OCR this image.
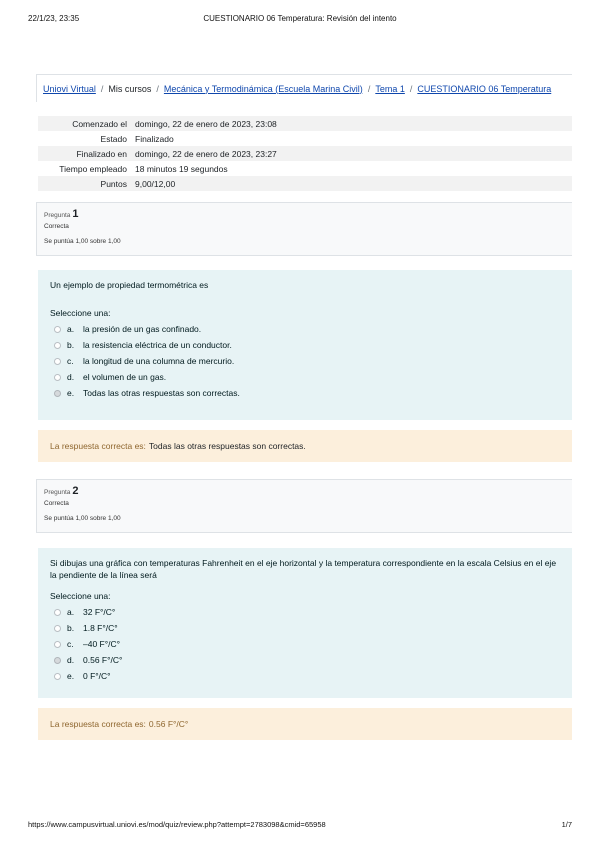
22/1/23, 23:35	CUESTIONARIO 06 Temperatura: Revisión del intento
Uniovi Virtual / Mis cursos / Mecánica y Termodinámica (Escuela Marina Civil) / Tema 1 / CUESTIONARIO 06 Temperatura
Comenzado el	domingo, 22 de enero de 2023, 23:08
Estado	Finalizado
Finalizado en	domingo, 22 de enero de 2023, 23:27
Tiempo empleado	18 minutos 19 segundos
Puntos	9,00/12,00
Pregunta 1
Correcta
Se puntúa 1,00 sobre 1,00
Un ejemplo de propiedad termométrica es
Seleccione una:
a.	la presión de un gas confinado.
b.	la resistencia eléctrica de un conductor.
c.	la longitud de una columna de mercurio.
d.	el volumen de un gas.
e.	Todas las otras respuestas son correctas.
La respuesta correcta es: Todas las otras respuestas son correctas.
Pregunta 2
Correcta
Se puntúa 1,00 sobre 1,00
Si dibujas una gráfica con temperaturas Fahrenheit en el eje horizontal y la temperatura correspondiente en la escala Celsius en el eje la pendiente de la línea será
Seleccione una:
a.	32 F°/C°
b.	1.8 F°/C°
c.	–40 F°/C°
d.	0.56 F°/C°
e.	0 F°/C°
La respuesta correcta es: 0.56 F°/C°
https://www.campusvirtual.uniovi.es/mod/quiz/review.php?attempt=2783098&cmid=65958	1/7
